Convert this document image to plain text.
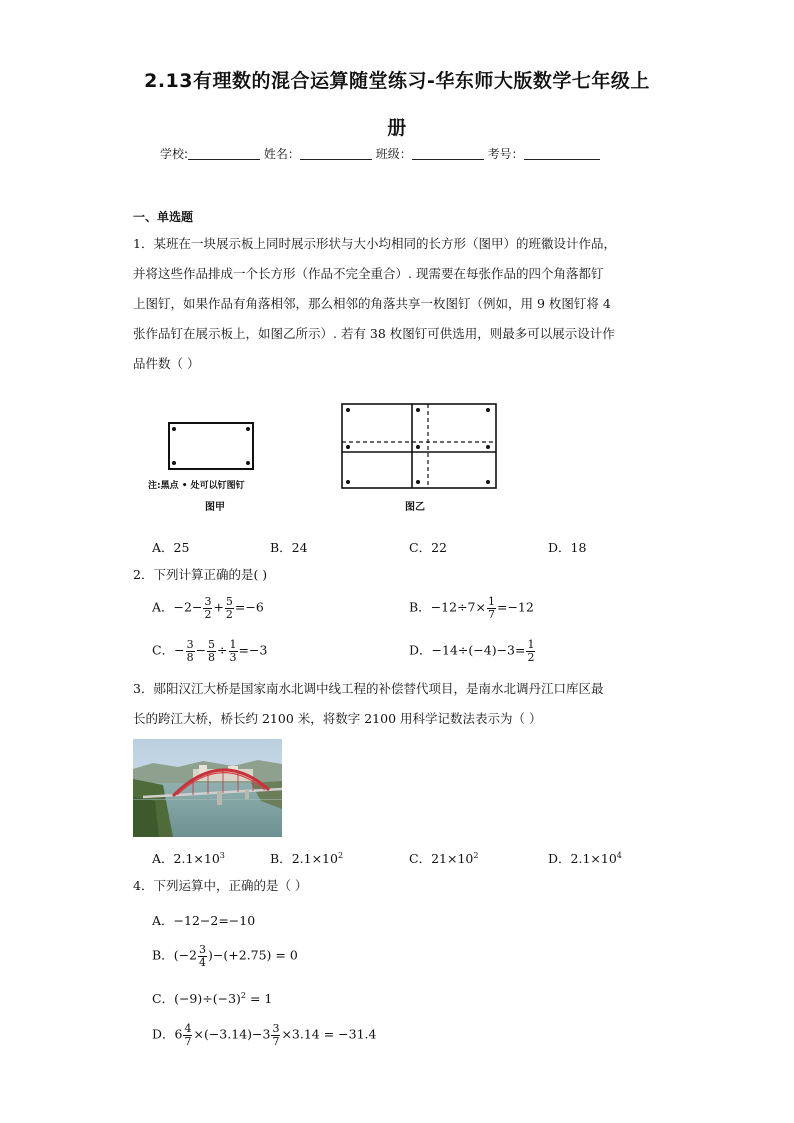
2.13有理数的混合运算随堂练习-华东师大版数学七年级上
册
学校:	姓名：	班级：	考号：
一、单选题
1．某班在一块展示板上同时展示形状与大小均相同的长方形（图甲）的班徽设计作品，
并将这些作品排成一个长方形（作品不完全重合）. 现需要在每张作品的四个角落都钉
上图钉，如果作品有角落相邻，那么相邻的角落共享一枚图钉（例如，用 9 枚图钉将 4
张作品钉在展示板上，如图乙所示）. 若有 38 枚图钉可供选用，则最多可以展示设计作
品件数（ ）
注:黑点 • 处可以钉图钉
图甲	图乙
A．25	B．24	C．22	D．18
2．下列计算正确的是( )
A．$-2- \frac{3}{2} + \frac{5}{2} =-6$	B．$-12\div 7\times \frac{1}{7} =-12$
C．− $\frac{3}{8} - \frac{5}{8} \div \frac{1}{3} =-3$	D．$-14\div(-4)-3= \frac{1}{2}$
3．郧阳汉江大桥是国家南水北调中线工程的补偿替代项目，是南水北调丹江口库区最
长的跨江大桥，桥长约 2100 米，将数字 2100 用科学记数法表示为（ ）
A．$2.1\times 10^3$	B．$2.1\times 10^2$	C．$21\times 10^2$	D．$2.1\times 10^4$
4．下列运算中，正确的是（ ）
A．−12−2=−10
B．$(-2 \frac{3}{4} )-(+2.75) = 0$
C．$(-9)\div(-3)^2 = 1$
D．$6 \frac{4}{7} \times(-3.14)-3 \frac{3}{7} \times 3.14 = -31.4$
